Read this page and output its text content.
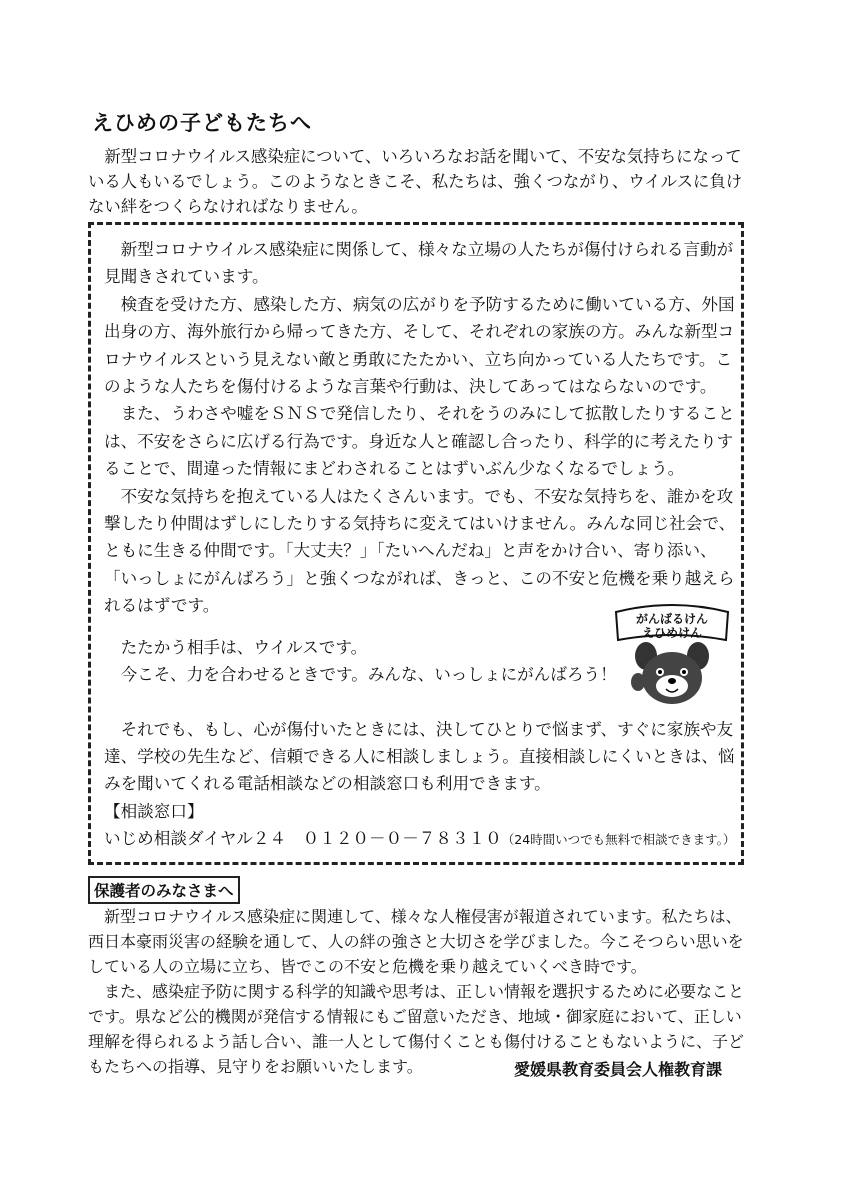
えひめの子どもたちへ

新型コロナウイルス感染症について、いろいろなお話を聞いて、不安な気持ちになっている人もいるでしょう。このようなときこそ、私たちは、強くつながり、ウイルスに負けない絆をつくらなければなりません。

新型コロナウイルス感染症に関係して、様々な立場の人たちが傷付けられる言動が見聞きされています。

検査を受けた方、感染した方、病気の広がりを予防するために働いている方、外国出身の方、海外旅行から帰ってきた方、そして、それぞれの家族の方。みんな新型コロナウイルスという見えない敵と勇敢にたたかい、立ち向かっている人たちです。このような人たちを傷付けるような言葉や行動は、決してあってはならないのです。

また、うわさや嘘をＳＮＳで発信したり、それをうのみにして拡散したりすることは、不安をさらに広げる行為です。身近な人と確認し合ったり、科学的に考えたりすることで、間違った情報にまどわされることはずいぶん少なくなるでしょう。

不安な気持ちを抱えている人はたくさんいます。でも、不安な気持ちを、誰かを攻撃したり仲間はずしにしたりする気持ちに変えてはいけません。みんな同じ社会で、ともに生きる仲間です。「大丈夫？」「たいへんだね」と声をかけ合い、寄り添い、「いっしょにがんばろう」と強くつながれば、きっと、この不安と危機を乗り越えられるはずです。

たたかう相手は、ウイルスです。

今こそ、力を合わせるときです。みんな、いっしょにがんばろう！

それでも、もし、心が傷付いたときには、決してひとりで悩まず、すぐに家族や友達、学校の先生など、信頼できる人に相談しましょう。直接相談しにくいときは、悩みを聞いてくれる電話相談などの相談窓口も利用できます。

【相談窓口】

いじめ相談ダイヤル２４　０１２０－０－７８３１０（24時間いつでも無料で相談できます。）

がんばるけん
えひめけん
保護者のみなさまへ

新型コロナウイルス感染症に関連して、様々な人権侵害が報道されています。私たちは、西日本豪雨災害の経験を通して、人の絆の強さと大切さを学びました。今こそつらい思いをしている人の立場に立ち、皆でこの不安と危機を乗り越えていくべき時です。

また、感染症予防に関する科学的知識や思考は、正しい情報を選択するために必要なことです。県など公的機関が発信する情報にもご留意いただき、地域・御家庭において、正しい理解を得られるよう話し合い、誰一人として傷付くことも傷付けることもないように、子どもたちへの指導、見守りをお願いいたします。	愛媛県教育委員会人権教育課
